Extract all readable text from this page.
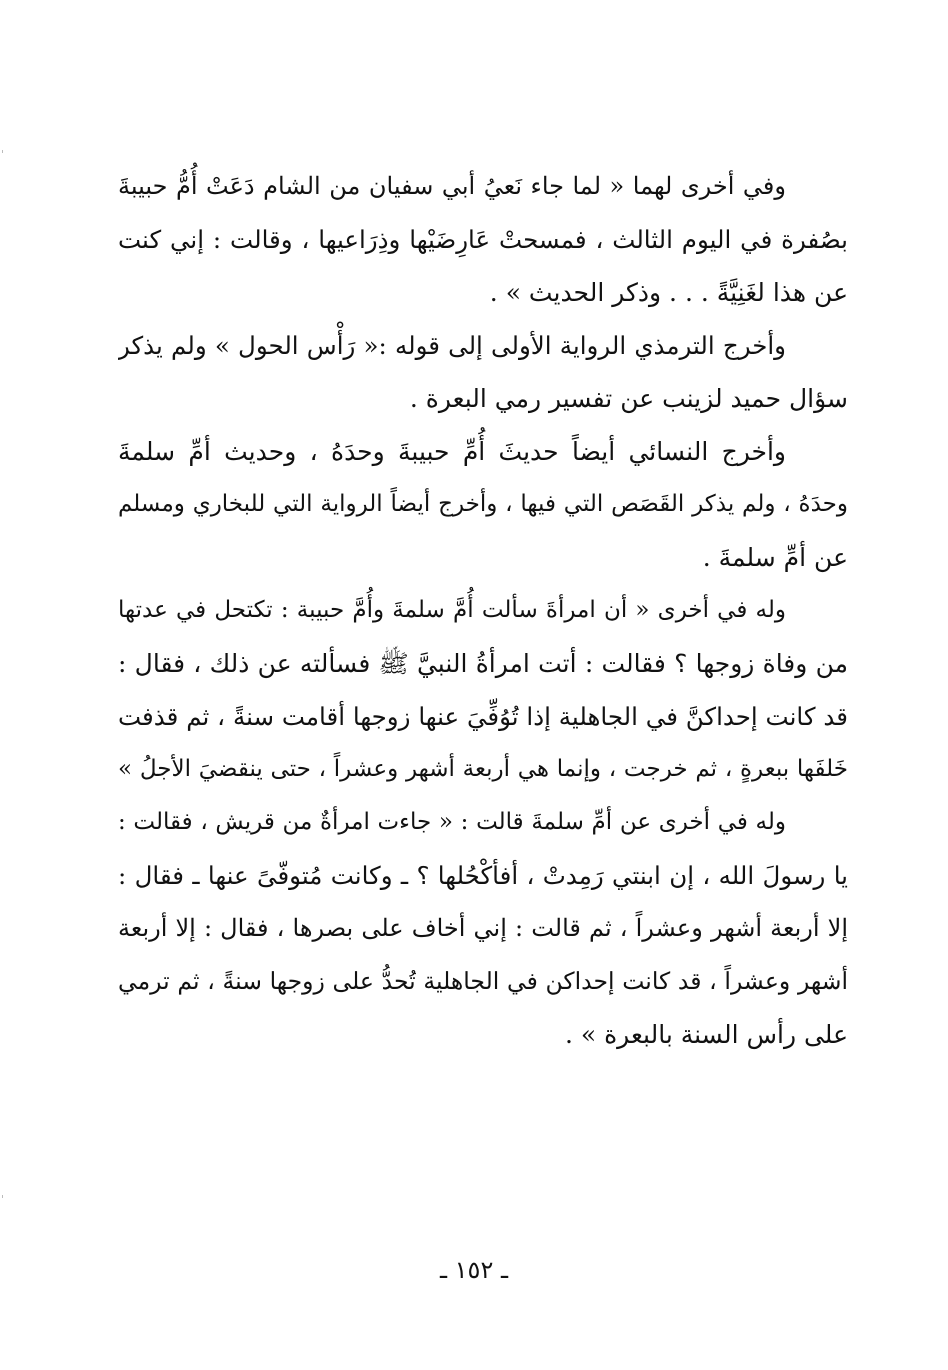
وفي أخرى لهما « لما جاء نَعيُ أبي سفيان من الشام دَعَتْ أُمُّ حبيبةَ
بصُفرة في اليوم الثالث ، فمسحتْ عَارِضَيْها وذِرَاعيها ، وقالت : إني كنت
عن هذا لغَنِيَّةً . . . وذكر الحديث » .
وأخرج الترمذي الرواية الأولى إلى قوله :« رَأْس الحول » ولم يذكر
سؤال حميد لزينب عن تفسير رمي البعرة .
وأخرج النسائي أيضاً حديثَ أُمِّ حبيبةَ وحدَهُ ، وحديث أمِّ سلمةَ
وحدَهُ ، ولم يذكر القَصَص التي فيها ، وأخرج أيضاً الرواية التي للبخاري ومسلم
عن أمِّ سلمةَ .
وله في أخرى « أن امرأةَ سألت أُمَّ سلمةَ وأُمَّ حبيبة : تكتحل في عدتها
من وفاة زوجها ؟ فقالت : أتت امرأةُ النبيَّ ﷺ فسألته عن ذلك ، فقال :
قد كانت إحداكنَّ في الجاهلية إذا تُوُفِّيَ عنها زوجها أقامت سنةً ، ثم قذفت
خَلفَها ببعرةٍ ، ثم خرجت ، وإنما هي أربعة أشهر وعشراً ، حتى ينقضيَ الأجلُ »
وله في أخرى عن أمِّ سلمةَ قالت : « جاءت امرأةٌ من قريش ، فقالت :
يا رسولَ الله ، إن ابنتي رَمِدتْ ، أفأكْحُلها ؟ ـ وكانت مُتوفّىً عنها ـ فقال :
إلا أربعة أشهر وعشراً ، ثم قالت : إني أخاف على بصرها ، فقال : إلا أربعة
أشهر وعشراً ، قد كانت إحداكن في الجاهلية تُحدُّ على زوجها سنةً ، ثم ترمي
على رأس السنة بالبعرة » .
ـ ١٥٢ ـ
